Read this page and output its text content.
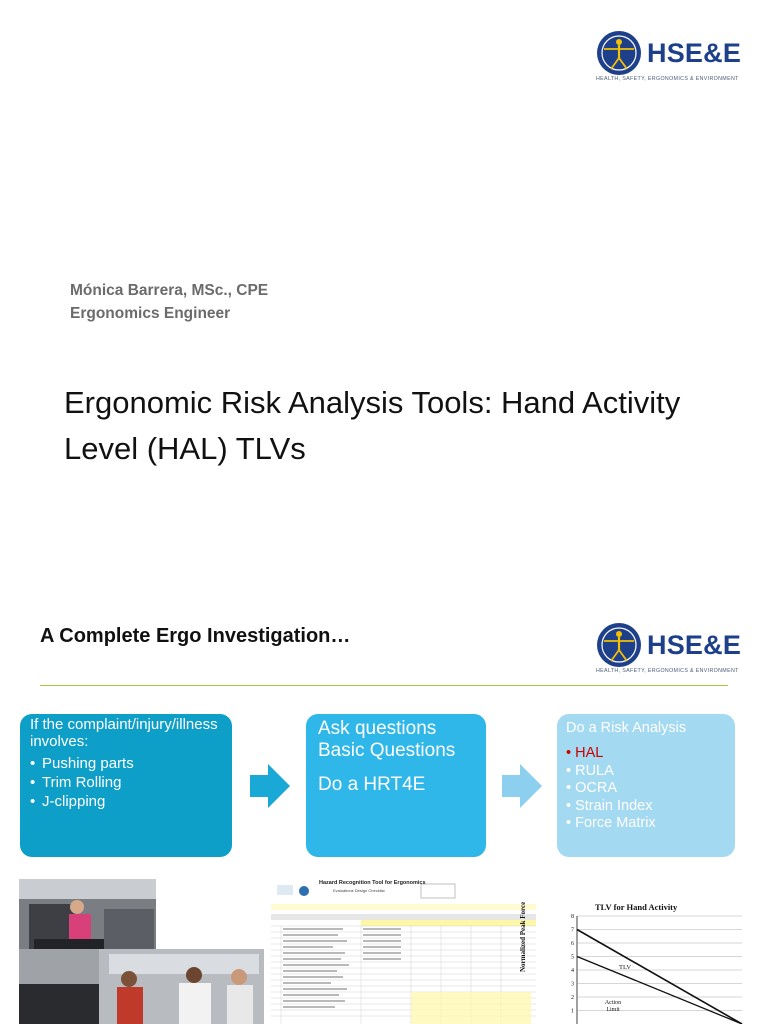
HSE&E
HEALTH, SAFETY, ERGONOMICS & ENVIRONMENT
Mónica Barrera, MSc., CPE
Ergonomics Engineer
Ergonomic Risk Analysis Tools: Hand Activity Level (HAL) TLVs
A Complete Ergo Investigation…	HSE&E
HEALTH, SAFETY, ERGONOMICS & ENVIRONMENT
If the complaint/injury/illness involves:
• Pushing parts
• Trim Rolling
• J-clipping
Ask questions
Basic Questions
Do a HRT4E
Do a Risk Analysis
• HAL
• RULA
• OCRA
• Strain Index
• Force Matrix
Hazard Recognition Tool for Ergonomics
Evaluations Design Checklist
TLV for Hand Activity
Normalized Peak Force
1
2
3
4
5
6
7
8
TLV
Action Limit
